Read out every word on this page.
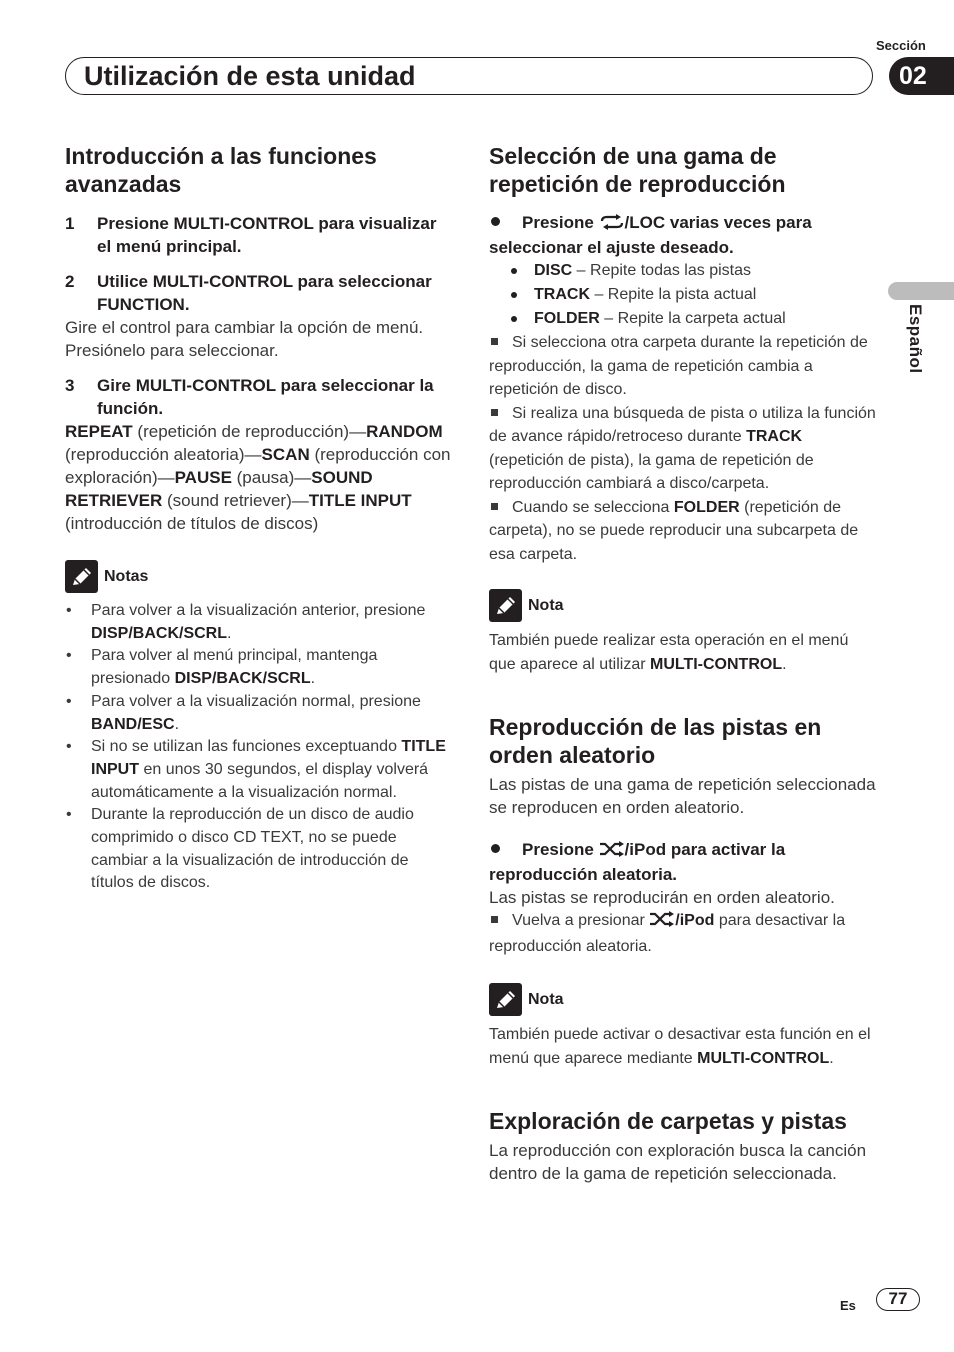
Sección
Utilización de esta unidad	02
Español
Introducción a las funciones avanzadas
1	Presione MULTI-CONTROL para visualizar el menú principal.
2	Utilice MULTI-CONTROL para seleccionar FUNCTION.

Gire el control para cambiar la opción de menú. Presiónelo para seleccionar.

3	Gire MULTI-CONTROL para seleccionar la función.

REPEAT (repetición de reproducción)—RANDOM (reproducción aleatoria)—SCAN (reproducción con exploración)—PAUSE (pausa)—SOUND RETRIEVER (sound retriever)—TITLE INPUT (introducción de títulos de discos)

Notas
• Para volver a la visualización anterior, presione DISP/BACK/SCRL.
• Para volver al menú principal, mantenga presionado DISP/BACK/SCRL.
• Para volver a la visualización normal, presione BAND/ESC.
• Si no se utilizan las funciones exceptuando TITLE INPUT en unos 30 segundos, el display volverá automáticamente a la visualización normal.
• Durante la reproducción de un disco de audio comprimido o disco CD TEXT, no se puede cambiar a la visualización de introducción de títulos de discos.
Selección de una gama de repetición de reproducción

Presione /LOC varias veces para seleccionar el ajuste deseado.

DISC – Repite todas las pistas
TRACK – Repite la pista actual
FOLDER – Repite la carpeta actual

Si selecciona otra carpeta durante la repetición de reproducción, la gama de repetición cambia a repetición de disco.

Si realiza una búsqueda de pista o utiliza la función de avance rápido/retroceso durante TRACK (repetición de pista), la gama de repetición de reproducción cambiará a disco/carpeta.

Cuando se selecciona FOLDER (repetición de carpeta), no se puede reproducir una subcarpeta de esa carpeta.

Nota

También puede realizar esta operación en el menú que aparece al utilizar MULTI-CONTROL.

Reproducción de las pistas en orden aleatorio

Las pistas de una gama de repetición seleccionada se reproducen en orden aleatorio.

Presione /iPod para activar la reproducción aleatoria.

Las pistas se reproducirán en orden aleatorio.

Vuelva a presionar /iPod para desactivar la reproducción aleatoria.

Nota

También puede activar o desactivar esta función en el menú que aparece mediante MULTI-CONTROL.

Exploración de carpetas y pistas

La reproducción con exploración busca la canción dentro de la gama de repetición seleccionada.

Es	77
